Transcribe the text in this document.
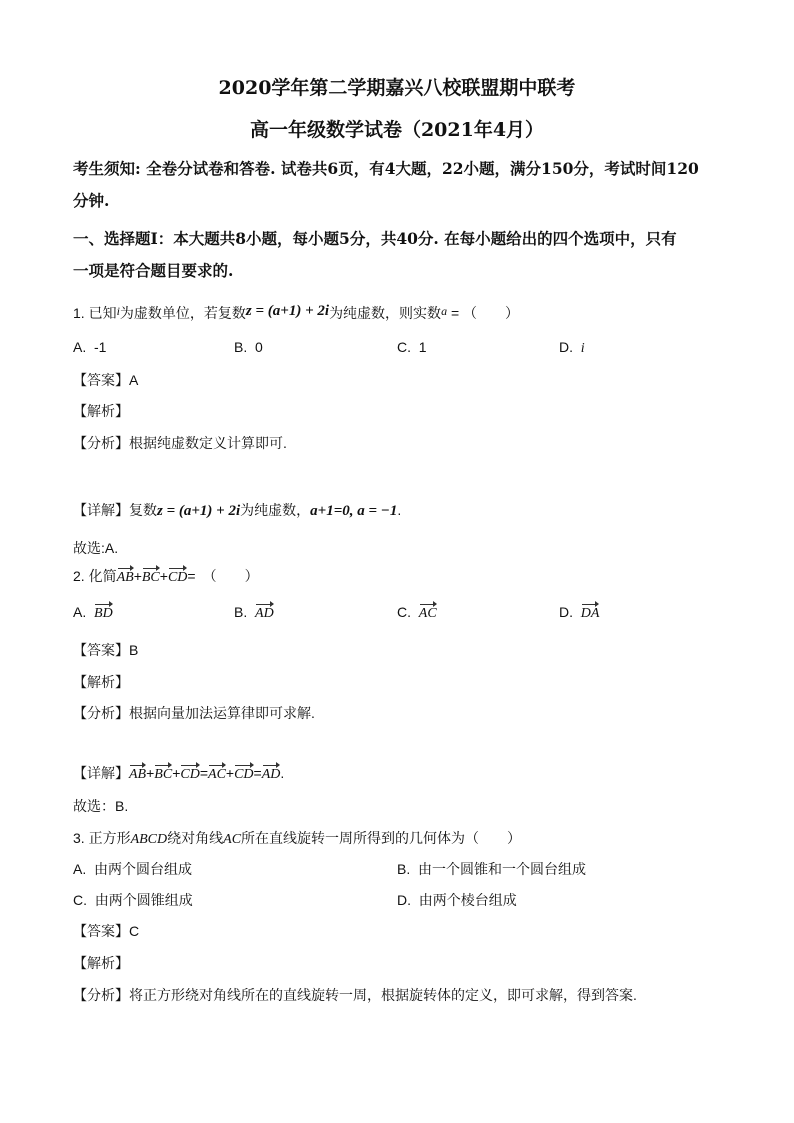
2020学年第二学期嘉兴八校联盟期中联考
高一年级数学试卷（2021年4月）
考生须知: 全卷分试卷和答卷. 试卷共6页，有4大题，22小题，满分150分，考试时间120
分钟.
一、选择题Ⅰ：本大题共8小题，每小题5分，共40分. 在每小题给出的四个选项中，只有
一项是符合题目要求的.
1. 已知i为虚数单位，若复数z = (a+1) + 2i为纯虚数，则实数a = （　　）
A. -1	B. 0	C. 1	D. i
【答案】A
【解析】
【分析】根据纯虚数定义计算即可.
【详解】复数z = (a+1) + 2i为纯虚数，a+1=0, a = −1.
故选:A.
2. 化简AB+BC+CD=　（　　）
A. BD	B. AD	C. AC	D. DA
【答案】B
【解析】
【分析】根据向量加法运算律即可求解.
【详解】AB+BC+CD=AC+CD=AD.
故选：B.
3. 正方形ABCD绕对角线AC所在直线旋转一周所得到的几何体为（　　）
A. 由两个圆台组成	B. 由一个圆锥和一个圆台组成
C. 由两个圆锥组成	D. 由两个棱台组成
【答案】C
【解析】
【分析】将正方形绕对角线所在的直线旋转一周，根据旋转体的定义，即可求解，得到答案.
